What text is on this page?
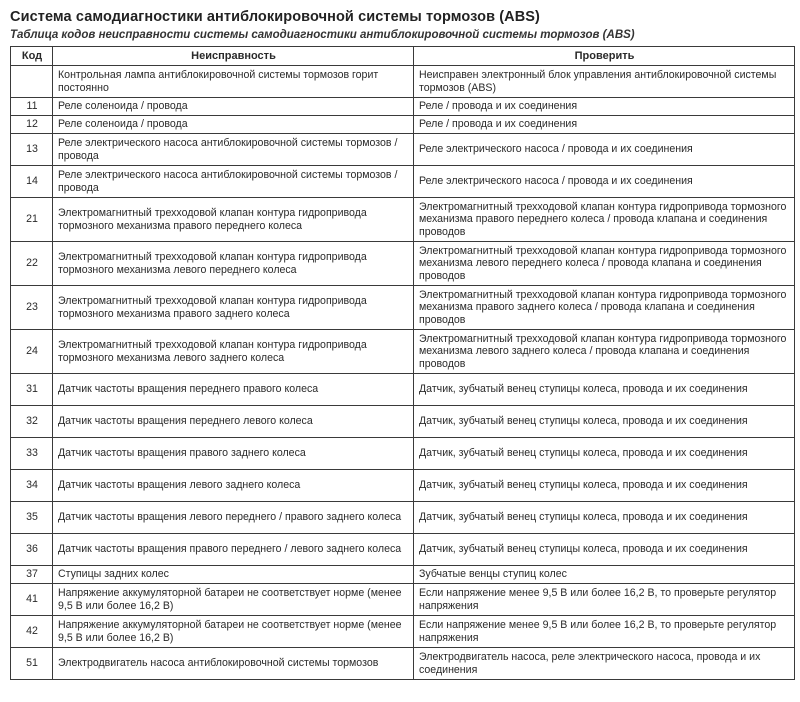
Система самодиагностики антиблокировочной системы тормозов (ABS)
Таблица кодов неисправности системы самодиагностики антиблокировочной системы тормозов (ABS)
Код	Неисправность	Проверить
	Контрольная лампа антиблокировочной системы тормозов горит постоянно	Неисправен электронный блок управления антиблокировочной системы тормозов (ABS)
11	Реле соленоида / провода	Реле / провода и их соединения
12	Реле соленоида / провода	Реле / провода и их соединения
13	Реле электрического насоса антиблокировочной системы тормозов / провода	Реле электрического насоса / провода и их соединения
14	Реле электрического насоса антиблокировочной системы тормозов / провода	Реле электрического насоса / провода и их соединения
21	Электромагнитный трехходовой клапан контура гидропривода тормозного механизма правого переднего колеса	Электромагнитный трехходовой клапан контура гидропривода тормозного механизма правого переднего колеса / провода клапана и соединения проводов
22	Электромагнитный трехходовой клапан контура гидропривода тормозного механизма левого переднего колеса	Электромагнитный трехходовой клапан контура гидропривода тормозного механизма левого переднего колеса / провода клапана и соединения проводов
23	Электромагнитный трехходовой клапан контура гидропривода тормозного механизма правого заднего колеса	Электромагнитный трехходовой клапан контура гидропривода тормозного механизма правого заднего колеса / провода клапана и соединения проводов
24	Электромагнитный трехходовой клапан контура гидропривода тормозного механизма левого заднего колеса	Электромагнитный трехходовой клапан контура гидропривода тормозного механизма левого заднего колеса / провода клапана и соединения проводов
31	Датчик частоты вращения переднего правого колеса	Датчик, зубчатый венец ступицы колеса, провода и их соединения
32	Датчик частоты вращения переднего левого колеса	Датчик, зубчатый венец ступицы колеса, провода и их соединения
33	Датчик частоты вращения правого заднего колеса	Датчик, зубчатый венец ступицы колеса, провода и их соединения
34	Датчик частоты вращения левого заднего колеса	Датчик, зубчатый венец ступицы колеса, провода и их соединения
35	Датчик частоты вращения левого переднего / правого заднего колеса	Датчик, зубчатый венец ступицы колеса, провода и их соединения
36	Датчик частоты вращения правого переднего / левого заднего колеса	Датчик, зубчатый венец ступицы колеса, провода и их соединения
37	Ступицы задних колес	Зубчатые венцы ступиц колес
41	Напряжение аккумуляторной батареи не соответствует норме (менее 9,5 В или более 16,2 В)	Если напряжение менее 9,5 В или более 16,2 В, то проверьте регулятор напряжения
42	Напряжение аккумуляторной батареи не соответствует норме (менее 9,5 В или более 16,2 В)	Если напряжение менее 9,5 В или более 16,2 В, то проверьте регулятор напряжения
51	Электродвигатель насоса антиблокировочной системы тормозов	Электродвигатель насоса, реле электрического насоса, провода и их соединения
